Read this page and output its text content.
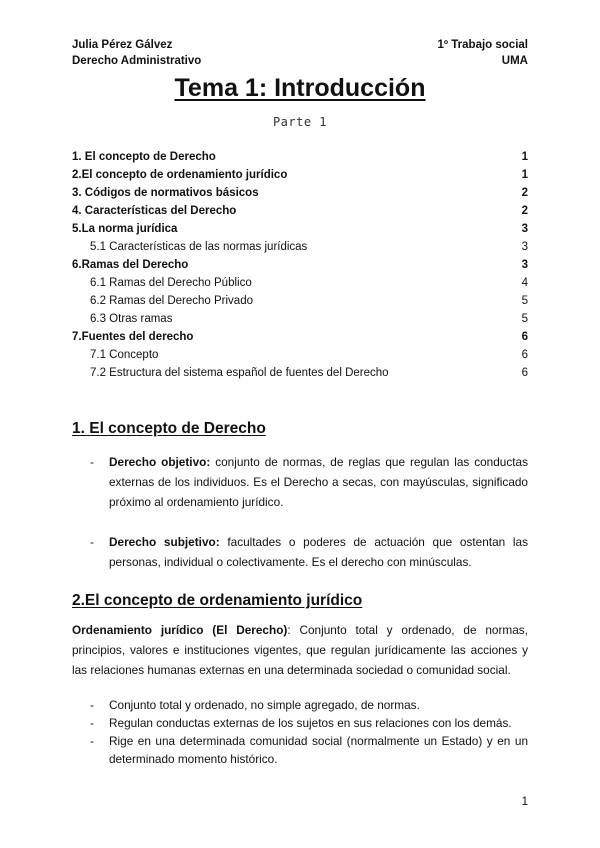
Julia Pérez Gálvez	1º Trabajo social
Derecho Administrativo	UMA
Tema 1: Introducción
Parte 1
1. El concepto de Derecho	1
2.El concepto de ordenamiento jurídico	1
3. Códigos de normativos básicos	2
4. Características del Derecho	2
5.La norma jurídica	3
5.1 Características de las normas jurídicas	3
6.Ramas del Derecho	3
6.1 Ramas del Derecho Público	4
6.2 Ramas del Derecho Privado	5
6.3 Otras ramas	5
7.Fuentes del derecho	6
7.1 Concepto	6
7.2 Estructura del sistema español de fuentes del Derecho	6
1. El concepto de Derecho
- Derecho objetivo: conjunto de normas, de reglas que regulan las conductas externas de los individuos. Es el Derecho a secas, con mayúsculas, significado próximo al ordenamiento jurídico.
- Derecho subjetivo: facultades o poderes de actuación que ostentan las personas, individual o colectivamente. Es el derecho con minúsculas.
2.El concepto de ordenamiento jurídico

Ordenamiento jurídico (El Derecho): Conjunto total y ordenado, de normas, principios, valores e instituciones vigentes, que regulan jurídicamente las acciones y las relaciones humanas externas en una determinada sociedad o comunidad social.

- Conjunto total y ordenado, no simple agregado, de normas.
- Regulan conductas externas de los sujetos en sus relaciones con los demás.
- Rige en una determinada comunidad social (normalmente un Estado) y en un determinado momento histórico.
1
